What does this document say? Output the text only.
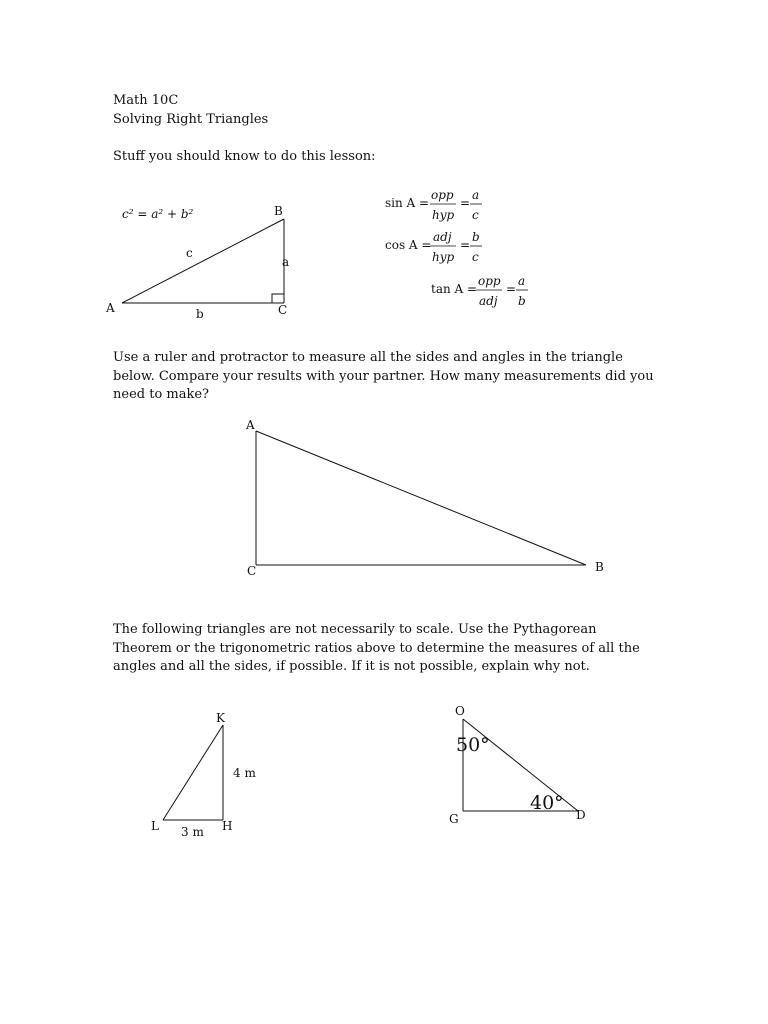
Math 10C
Solving Right Triangles
Stuff you should know to do this lesson:
c² = a² + b²
A
B
C
a
b
c
sin A =
opp
hyp
=
a
c
cos A =
adj
hyp
=
b
c
tan A =
opp
adj
=
a
b
A
C	B
K
L	H
4 m
3 m
O
G	D
50°
40°
Use a ruler and protractor to measure all the sides and angles in the triangle below. Compare your results with your partner. How many measurements did you need to make?
The following triangles are not necessarily to scale. Use the Pythagorean Theorem or the trigonometric ratios above to determine the measures of all the angles and all the sides, if possible. If it is not possible, explain why not.
